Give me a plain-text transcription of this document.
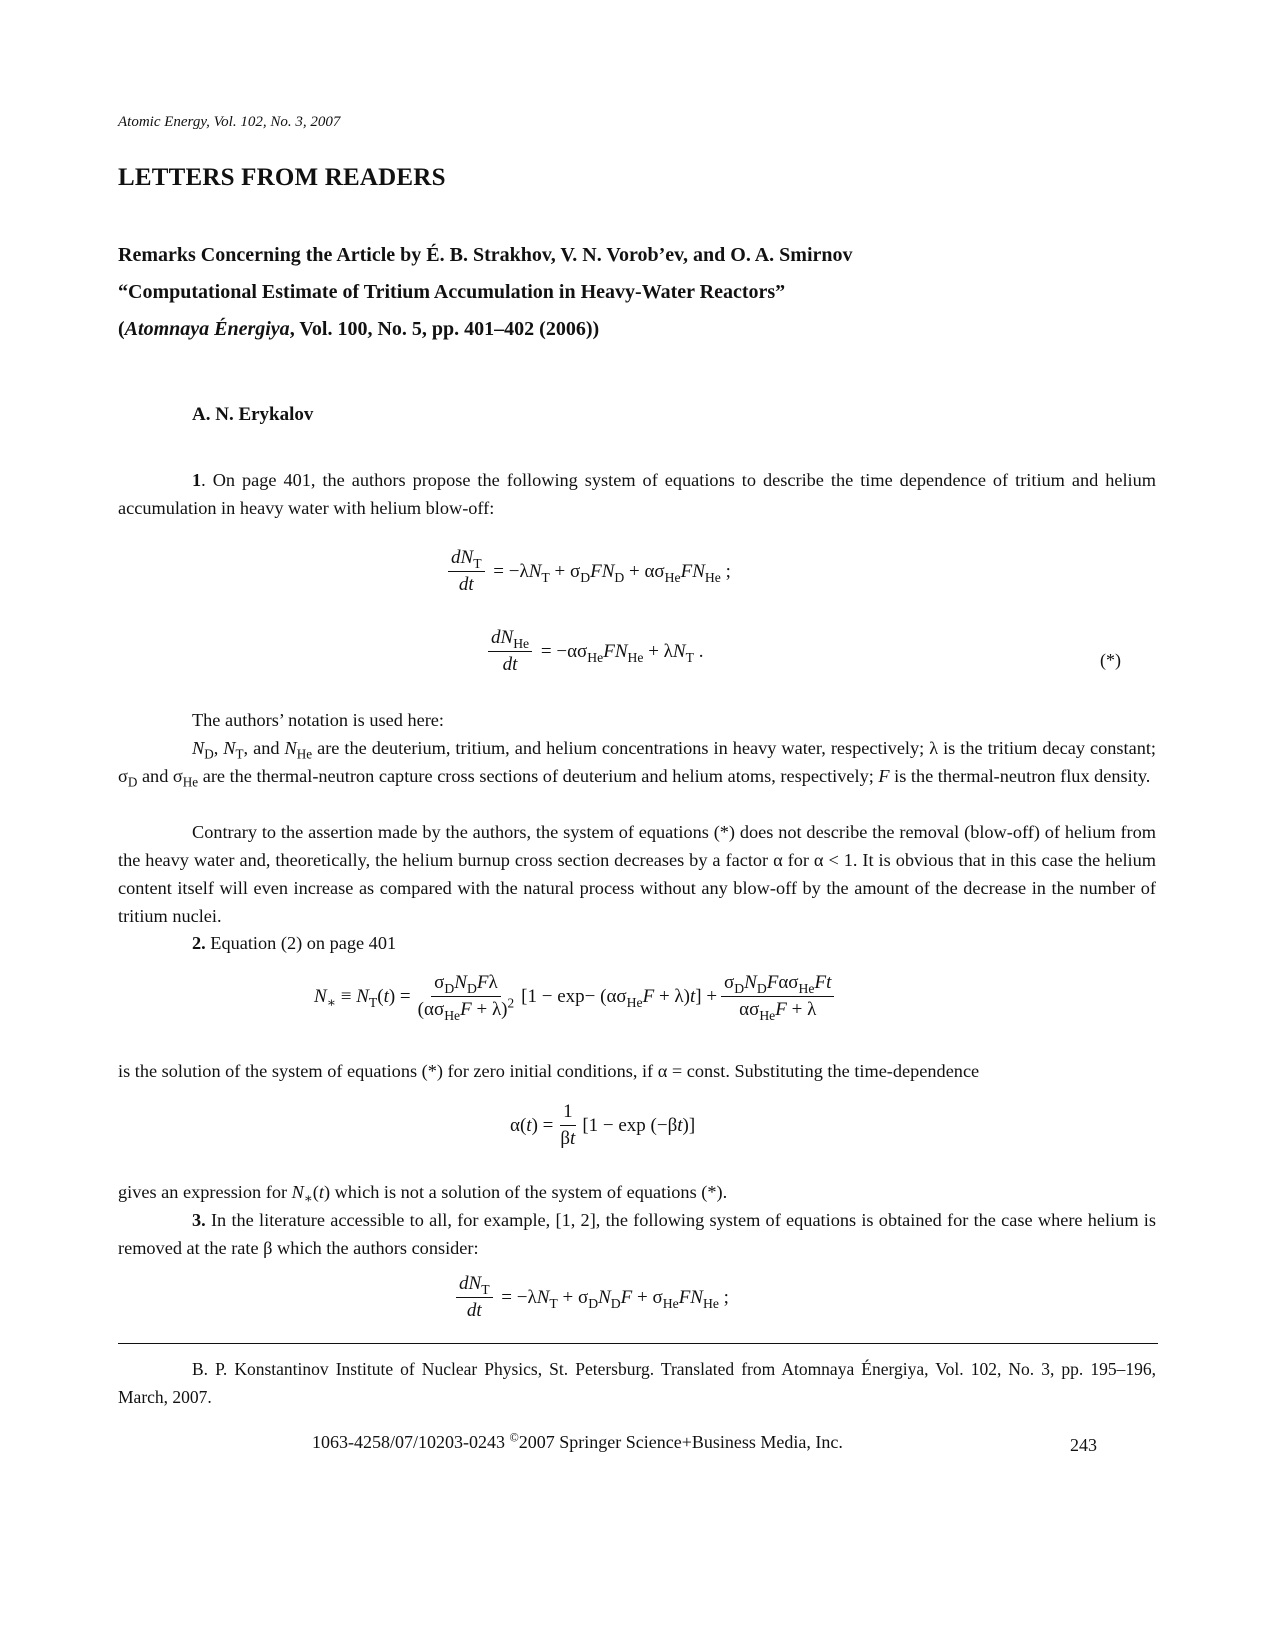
Atomic Energy, Vol. 102, No. 3, 2007
LETTERS FROM READERS
Remarks Concerning the Article by É. B. Strakhov, V. N. Vorob’ev, and O. A. Smirnov
“Computational Estimate of Tritium Accumulation in Heavy-Water Reactors”
(Atomnaya Énergiya, Vol. 100, No. 5, pp. 401–402 (2006))
A. N. Erykalov
1. On page 401, the authors propose the following system of equations to describe the time dependence of tritium and helium accumulation in heavy water with helium blow-off:
$\frac{dN_T}{dt} = -\lambda N_T + \sigma_DFN_D + \alpha\sigma_{He}FN_{He}$ ;
$\frac{dN_{He}}{dt} = -\alpha\sigma_{He}FN_{He} + \lambda N_T$ .	(*)
The authors’ notation is used here:
$N_D$, $N_T$, and $N_{He}$ are the deuterium, tritium, and helium concentrations in heavy water, respectively; λ is the tritium decay constant; $\sigma_D$ and $\sigma_{He}$ are the thermal-neutron capture cross sections of deuterium and helium atoms, respectively; F is the thermal-neutron flux density.
Contrary to the assertion made by the authors, the system of equations (*) does not describe the removal (blow-off) of helium from the heavy water and, theoretically, the helium burnup cross section decreases by a factor α for α < 1. It is obvious that in this case the helium content itself will even increase as compared with the natural process without any blow-off by the amount of the decrease in the number of tritium nuclei.
2. Equation (2) on page 401
$N_∗ \equiv N_T(t) = \frac{\sigma_DN_DF\lambda}{(\alpha\sigma_{He}F + \lambda)^2} [1 - \exp- (\alpha\sigma_{He}F + \lambda)t] + \frac{\sigma_DN_DF\alpha\sigma_{He}Ft}{\alpha\sigma_{He}F + \lambda}$
is the solution of the system of equations (*) for zero initial conditions, if α = const. Substituting the time-dependence
$\alpha(t) = \frac{1}{\beta t} [1 - \exp (-\beta t)]$
gives an expression for $N_∗(t)$ which is not a solution of the system of equations (*).
3. In the literature accessible to all, for example, [1, 2], the following system of equations is obtained for the case where helium is removed at the rate β which the authors consider:
$\frac{dN_T}{dt} = -\lambda N_T + \sigma_DN_DF + \sigma_{He}FN_{He}$ ;
B. P. Konstantinov Institute of Nuclear Physics, St. Petersburg. Translated from Atomnaya Énergiya, Vol. 102, No. 3, pp. 195–196, March, 2007.
1063-4258/07/10203-0243 ©2007 Springer Science+Business Media, Inc.	243
